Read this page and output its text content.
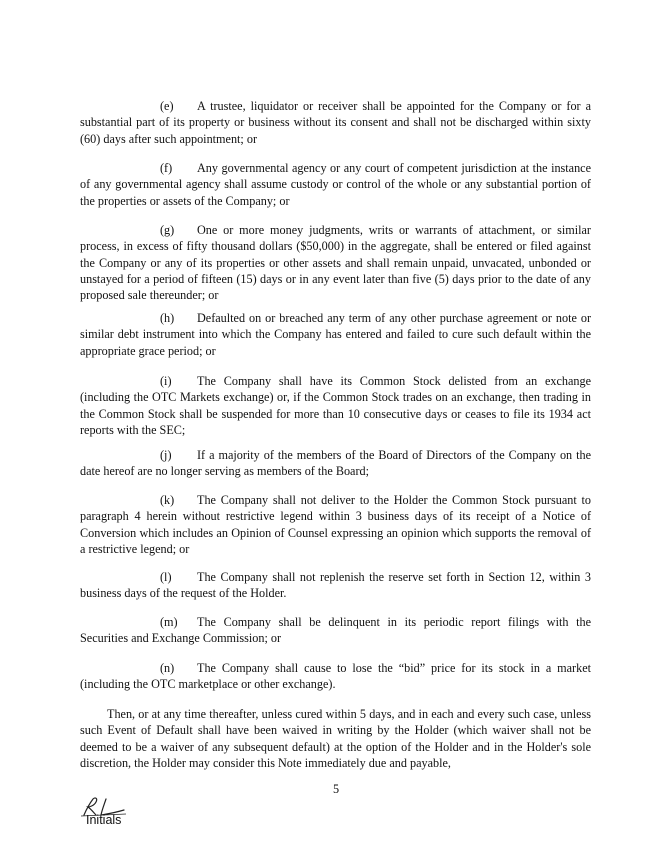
(e) A trustee, liquidator or receiver shall be appointed for the Company or for a substantial part of its property or business without its consent and shall not be discharged within sixty (60) days after such appointment; or

(f) Any governmental agency or any court of competent jurisdiction at the instance of any governmental agency shall assume custody or control of the whole or any substantial portion of the properties or assets of the Company; or

(g) One or more money judgments, writs or warrants of attachment, or similar process, in excess of fifty thousand dollars ($50,000) in the aggregate, shall be entered or filed against the Company or any of its properties or other assets and shall remain unpaid, unvacated, unbonded or unstayed for a period of fifteen (15) days or in any event later than five (5) days prior to the date of any proposed sale thereunder; or

(h) Defaulted on or breached any term of any other purchase agreement or note or similar debt instrument into which the Company has entered and failed to cure such default within the appropriate grace period; or

(i) The Company shall have its Common Stock delisted from an exchange (including the OTC Markets exchange) or, if the Common Stock trades on an exchange, then trading in the Common Stock shall be suspended for more than 10 consecutive days or ceases to file its 1934 act reports with the SEC;

(j) If a majority of the members of the Board of Directors of the Company on the date hereof are no longer serving as members of the Board;

(k) The Company shall not deliver to the Holder the Common Stock pursuant to paragraph 4 herein without restrictive legend within 3 business days of its receipt of a Notice of Conversion which includes an Opinion of Counsel expressing an opinion which supports the removal of a restrictive legend; or

(l) The Company shall not replenish the reserve set forth in Section 12, within 3 business days of the request of the Holder.

(m) The Company shall be delinquent in its periodic report filings with the Securities and Exchange Commission; or

(n) The Company shall cause to lose the “bid” price for its stock in a market (including the OTC marketplace or other exchange).

Then, or at any time thereafter, unless cured within 5 days, and in each and every such case, unless such Event of Default shall have been waived in writing by the Holder (which waiver shall not be deemed to be a waiver of any subsequent default) at the option of the Holder and in the Holder's sole discretion, the Holder may consider this Note immediately due and payable,

5
Initials
